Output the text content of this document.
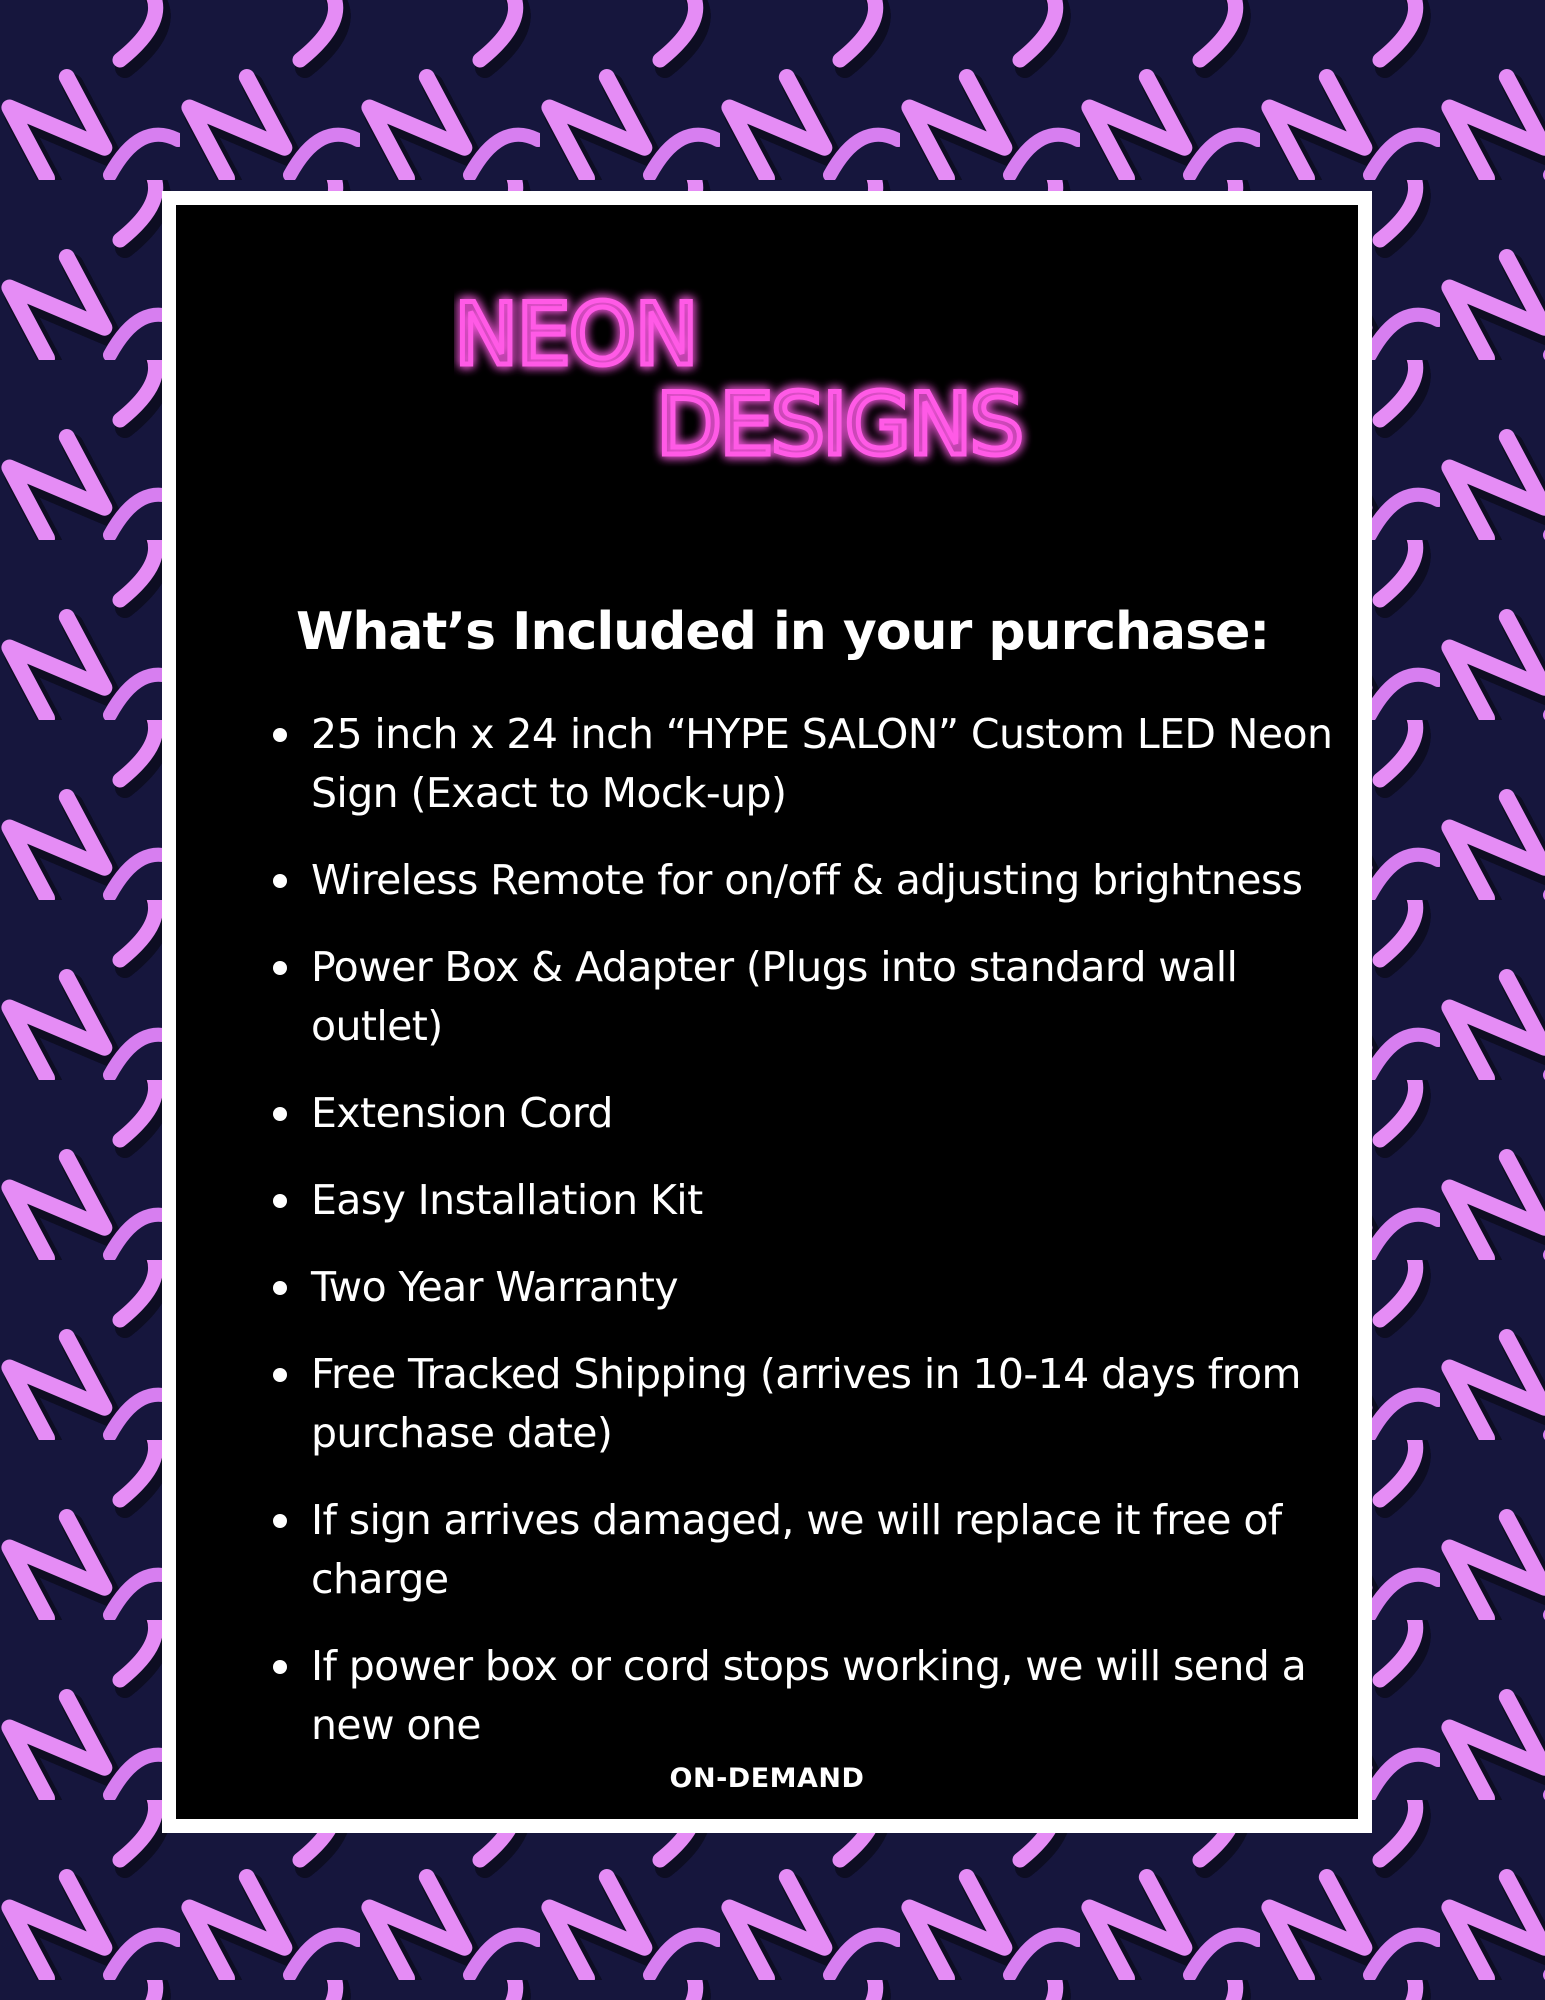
NEON
DESIGNS
What’s Included in your purchase:
25 inch x 24 inch “HYPE SALON” Custom LED Neon Sign (Exact to Mock-up)
Wireless Remote for on/off & adjusting brightness
Power Box & Adapter (Plugs into standard wall outlet)
Extension Cord
Easy Installation Kit
Two Year Warranty
Free Tracked Shipping (arrives in 10-14 days from purchase date)
If sign arrives damaged, we will replace it free of charge
If power box or cord stops working, we will send a new one
ON-DEMAND
